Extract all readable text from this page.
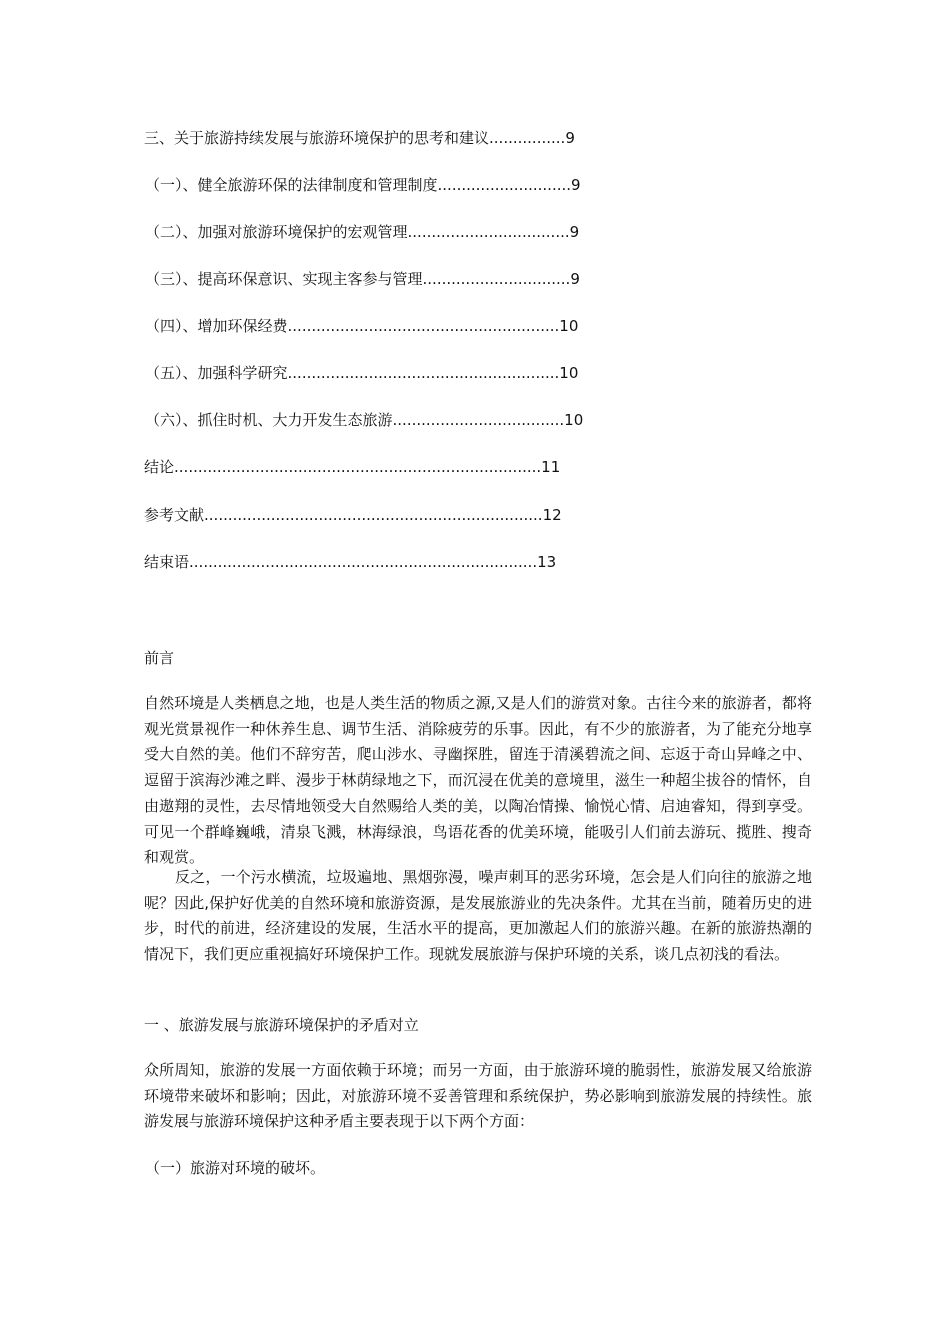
三、关于旅游持续发展与旅游环境保护的思考和建议................9
（一）、健全旅游环保的法律制度和管理制度............................9
（二）、加强对旅游环境保护的宏观管理..................................9
（三）、提高环保意识、实现主客参与管理...............................9
（四）、增加环保经费.........................................................10
（五）、加强科学研究.........................................................10
（六）、抓住时机、大力开发生态旅游....................................10
结论.............................................................................11
参考文献.......................................................................12
结束语.........................................................................13
前言

自然环境是人类栖息之地，也是人类生活的物质之源,又是人们的游赏对象。古往今来的旅游者，都将观光赏景视作一种休养生息、调节生活、消除疲劳的乐事。因此，有不少的旅游者，为了能充分地享受大自然的美。他们不辞穷苦，爬山涉水、寻幽探胜，留连于清溪碧流之间、忘返于奇山异峰之中、逗留于滨海沙滩之畔、漫步于林荫绿地之下，而沉浸在优美的意境里，滋生一种超尘拔谷的情怀，自由遨翔的灵性，去尽情地领受大自然赐给人类的美，以陶冶情操、愉悦心情、启迪睿知，得到享受。可见一个群峰巍峨，清泉飞溅，林海绿浪，鸟语花香的优美环境，能吸引人们前去游玩、揽胜、搜奇和观赏。

反之，一个污水横流，垃圾遍地、黑烟弥漫，噪声刺耳的恶劣环境，怎会是人们向往的旅游之地呢？因此,保护好优美的自然环境和旅游资源，是发展旅游业的先决条件。尤其在当前，随着历史的进步，时代的前进，经济建设的发展，生活水平的提高，更加激起人们的旅游兴趣。在新的旅游热潮的情况下，我们更应重视搞好环境保护工作。现就发展旅游与保护环境的关系，谈几点初浅的看法。

一 、旅游发展与旅游环境保护的矛盾对立

众所周知，旅游的发展一方面依赖于环境；而另一方面，由于旅游环境的脆弱性，旅游发展又给旅游环境带来破坏和影响；因此，对旅游环境不妥善管理和系统保护，势必影响到旅游发展的持续性。旅游发展与旅游环境保护这种矛盾主要表现于以下两个方面：

（一）旅游对环境的破坏。
